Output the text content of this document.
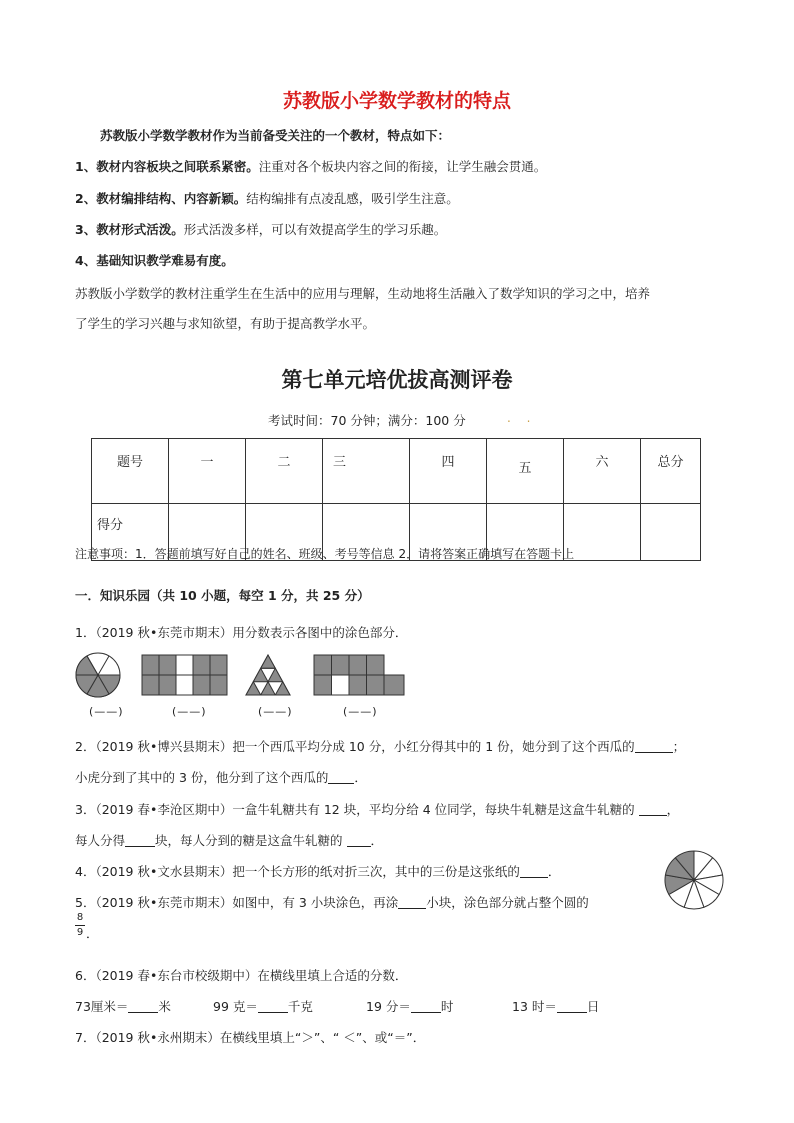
苏教版小学数学教材的特点
苏教版小学数学教材作为当前备受关注的一个教材，特点如下：
1、教材内容板块之间联系紧密。注重对各个板块内容之间的衔接，让学生融会贯通。
2、教材编排结构、内容新颖。结构编排有点凌乱感，吸引学生注意。
3、教材形式活泼。形式活泼多样，可以有效提高学生的学习乐趣。
4、基础知识教学难易有度。
苏教版小学数学的教材注重学生在生活中的应用与理解，生动地将生活融入了数学知识的学习之中，培养
了学生的学习兴趣与求知欲望，有助于提高教学水平。
第七单元培优拔高测评卷
考试时间：70 分钟；满分：100 分	. .
题号	一	二	三	四	五	六	总分
得分							
注意事项：1．答题前填写好自己的姓名、班级、考号等信息 2．请将答案正确填写在答题卡上
一．知识乐园（共 10 小题，每空 1 分，共 25 分）
1．（2019 秋•东莞市期末）用分数表示各图中的涂色部分．
(——)	(——)	(——)	(——)
2．（2019 秋•博兴县期末）把一个西瓜平均分成 10 分，小红分得其中的 1 份，她分到了这个西瓜的	；
小虎分到了其中的 3 份，他分到了这个西瓜的 ．
3．（2019 春•李沧区期中）一盒牛轧糖共有 12 块，平均分给 4 位同学，每块牛轧糖是这盒牛轧糖的	，
每人分得 块，每人分到的糖是这盒牛轧糖的 ．
4．（2019 秋•文水县期末）把一个长方形的纸对折三次，其中的三份是这张纸的 ．
5．（2019 秋•东莞市期末）如图中，有 3 小块涂色，再涂 小块，涂色部分就占整个圆的
8
9 ．
6．（2019 春•东台市校级期中）在横线里填上合适的分数．
73厘米＝ 米	99 克＝ 千克	19 分＝ 时	13 时＝ 日
7．（2019 秋•永州期末）在横线里填上“＞”、“ ＜”、或“＝”．
